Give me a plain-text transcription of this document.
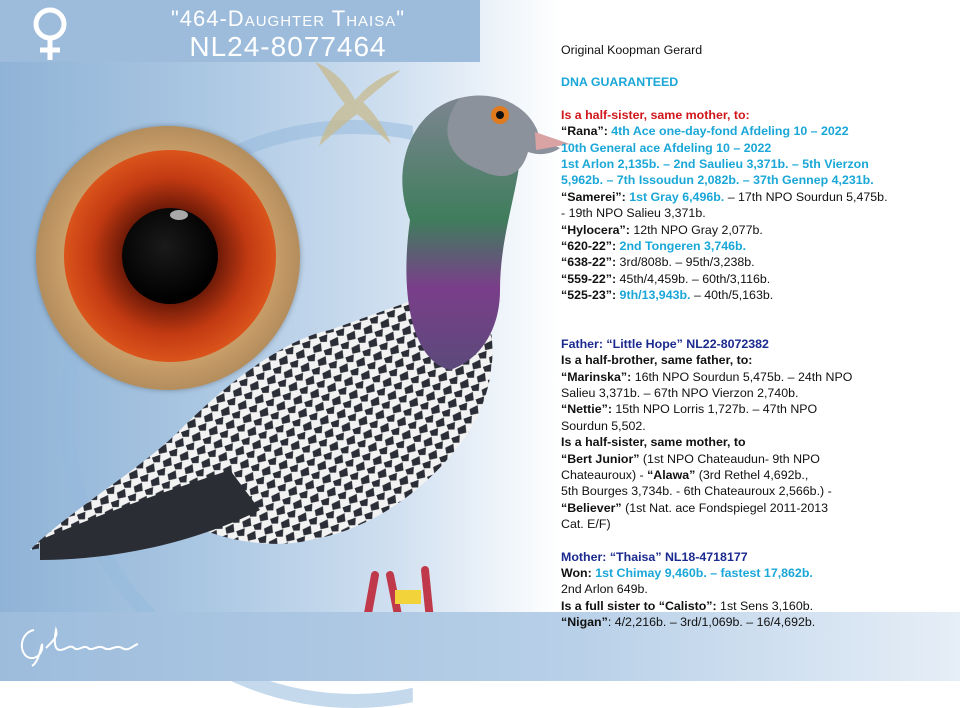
"464-Daughter Thaisa"
NL24-8077464	Original Koopman Gerard

DNA GUARANTEED

Is a half-sister, same mother, to:

“Rana”: 4th Ace one-day-fond Afdeling 10 – 2022

10th General ace Afdeling 10 – 2022

1st Arlon 2,135b. – 2nd Saulieu 3,371b. – 5th Vierzon

5,962b. – 7th Issoudun 2,082b. – 37th Gennep 4,231b.

“Samerei”: 1st Gray 6,496b. – 17th NPO Sourdun 5,475b.

- 19th NPO Salieu 3,371b.

“Hylocera”: 12th NPO Gray 2,077b.

“620-22”: 2nd Tongeren 3,746b.

“638-22”: 3rd/808b. – 95th/3,238b.

“559-22”: 45th/4,459b. – 60th/3,116b.

“525-23”: 9th/13,943b. – 40th/5,163b.

Father: “Little Hope” NL22-8072382

Is a half-brother, same father, to:

“Marinska”: 16th NPO Sourdun 5,475b. – 24th NPO

Salieu 3,371b. – 67th NPO Vierzon 2,740b.

“Nettie”: 15th NPO Lorris 1,727b. – 47th NPO

Sourdun 5,502.

Is a half-sister, same mother, to

“Bert Junior” (1st NPO Chateaudun- 9th NPO

Chateauroux) - “Alawa” (3rd Rethel 4,692b.,

5th Bourges 3,734b. - 6th Chateauroux 2,566b.) -

“Believer” (1st Nat. ace Fondspiegel 2011-2013

Cat. E/F)

Mother: “Thaisa” NL18-4718177

Won: 1st Chimay 9,460b. – fastest 17,862b.

2nd Arlon 649b.

Is a full sister to “Calisto”: 1st Sens 3,160b.

“Nigan”: 4/2,216b. – 3rd/1,069b. – 16/4,692b.
